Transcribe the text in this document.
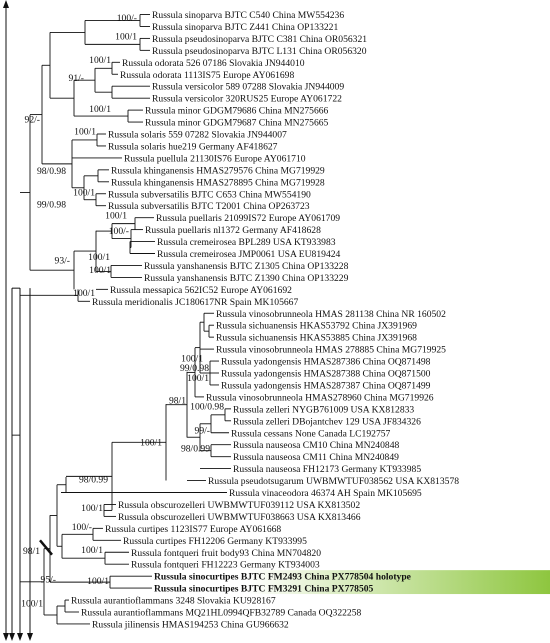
100/-
100/1
91/-
100/1
100/1
92/-
100/1
98/0.98
100/1
99/0.98
100/1
100/-
100/1
93/-
100/1
100/1
100/1
99/0.98
100/1
98/1
100/0.98
99/-
98/0.99
100/1
98/0.99
100/1
100/-
100/1
95/-
98/1
100/1
100/1
Russula sinoparva BJTC C540 China MW554236
Russula sinoparva BJTC Z441 China OP133221
Russula pseudosinoparva BJTC C381 China OR056321
Russula pseudosinoparva BJTC L131 China OR056320
Russula odorata 526 07186 Slovakia JN944010
Russula odorata 1113IS75 Europe AY061698
Russula versicolor 589 07288 Slovakia JN944009
Russula versicolor 320RUS25 Europe AY061722
Russula minor GDGM79686 China MN275666
Russula minor GDGM79687 China MN275665
Russula solaris 559 07282 Slovakia JN944007
Russula solaris hue219 Germany AF418627
Russula puellula 21130IS76 Europe AY061710
Russula khinganensis HMAS279576 China MG719929
Russula khinganensis HMAS278895 China MG719928
Russula subversatilis BJTC C653 China MW554190
Russula subversatilis BJTC T2001 China OP263723
Russula puellaris 21099IS72 Europe AY061709
Russula puellaris nl1372 Germany AF418628
Russula cremeirosea BPL289 USA KT933983
Russula cremeirosea JMP0061 USA EU819424
Russula yanshanensis BJTC Z1305 China OP133228
Russula yanshanensis BJTC Z1390 China OP133229
Russula messapica 562IC52 Europe AY061692
Russula meridionalis JC180617NR Spain MK105667
Russula vinosobrunneola HMAS 281138 China NR 160502
Russula sichuanensis HKAS53792 China JX391969
Russula sichuanensis HKAS53885 China JX391968
Russula vinosobrunneola HMAS 278885 China MG719925
Russula yadongensis HMAS287386 China OQ871498
Russula yadongensis HMAS287388 China OQ871500
Russula yadongensis HMAS287387 China OQ871499
Russula vinosobrunneola HMAS278960 China MG719926
Russula zelleri NYGB761009 USA KX812833
Russula zelleri DBojantchev 129 USA JF834326
Russula cessans None Canada LC192757
Russula nauseosa CM10 China MN240848
Russula nauseosa CM11 China MN240849
Russula nauseosa FH12173 Germany KT933985
Russula pseudotsugarum UWBMWTUF038562 USA KX813578
Russula vinaceodora 46374 AH Spain MK105695
Russula obscurozelleri UWBMWTUF039112 USA KX813502
Russula obscurozelleri UWBMWTUF038663 USA KX813466
Russula curtipes 1123IS77 Europe AY061668
Russula curtipes FH12206 Germany KT933995
Russula fontqueri fruit body93 China MN704820
Russula fontqueri FH12223 Germany KT934003
Russula sinocurtipes BJTC FM2493 China PX778504 holotype
Russula sinocurtipes BJTC FM3291 China PX778505
Russula aurantioflammans 3248 Slovakia KU928167
Russula aurantioflammans MQ21HL0994QFB32789 Canada OQ322258
Russula jilinensis HMAS194253 China GU966632
